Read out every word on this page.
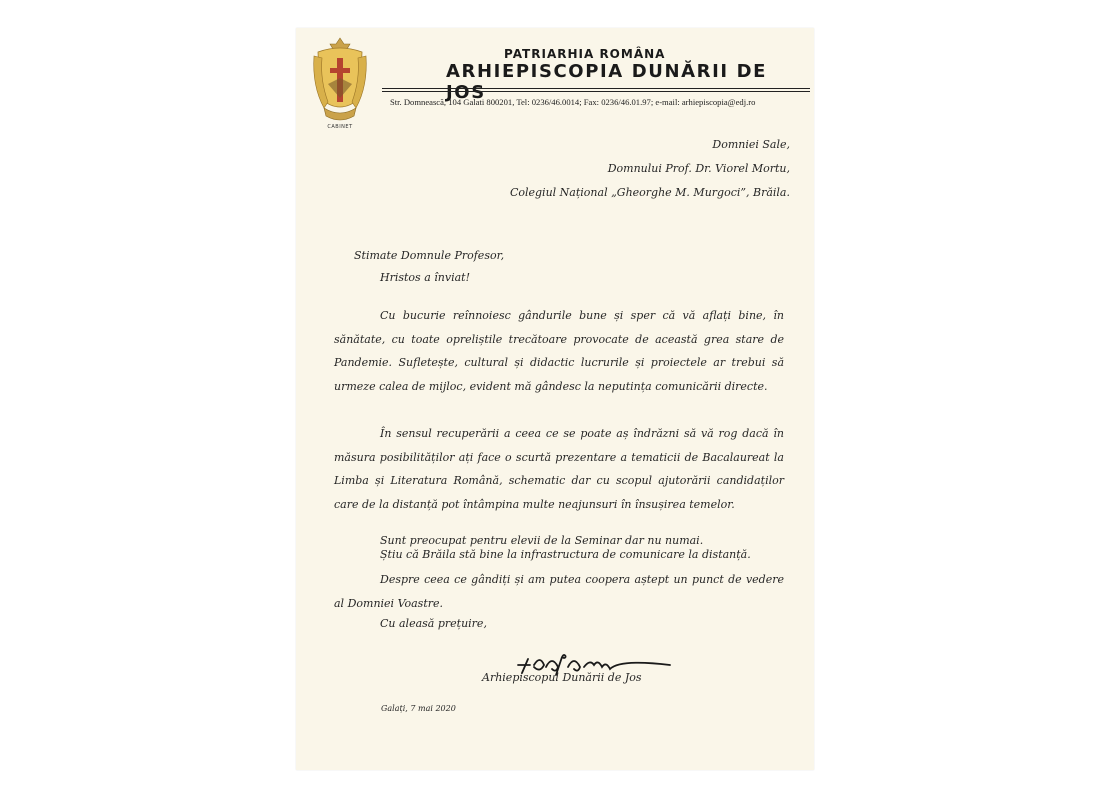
CABINET
PATRIARHIA ROMÂNA
ARHIEPISCOPIA DUNĂRII DE JOS
Str. Domnească, 104 Galati 800201, Tel: 0236/46.0014; Fax: 0236/46.01.97; e-mail: arhiepiscopia@edj.ro
Domniei Sale,
Domnului Prof. Dr. Viorel Mortu,
Colegiul Național „Gheorghe M. Murgoci”, Brăila.
Stimate Domnule Profesor,
Hristos a înviat!
Cu bucurie reînnoiesc gândurile bune și sper că vă aflați bine, în sănătate, cu toate opreliștile trecătoare provocate de această grea stare de Pandemie. Sufletește, cultural și didactic lucrurile și proiectele ar trebui să urmeze calea de mijloc, evident mă gândesc la neputința comunicării directe.
În sensul recuperării a ceea ce se poate aș îndrăzni să vă rog dacă în măsura posibilităților ați face o scurtă prezentare a tematicii de Bacalaureat la Limba și Literatura Română, schematic dar cu scopul ajutorării candidaților care de la distanță pot întâmpina multe neajunsuri în însușirea temelor.
Sunt preocupat pentru elevii de la Seminar dar nu numai.
Știu că Brăila stă bine la infrastructura de comunicare la distanță.
Despre ceea ce gândiți și am putea coopera aștept un punct de vedere al Domniei Voastre.
Cu aleasă prețuire,
Arhiepiscopul Dunării de Jos
Galați, 7 mai 2020
